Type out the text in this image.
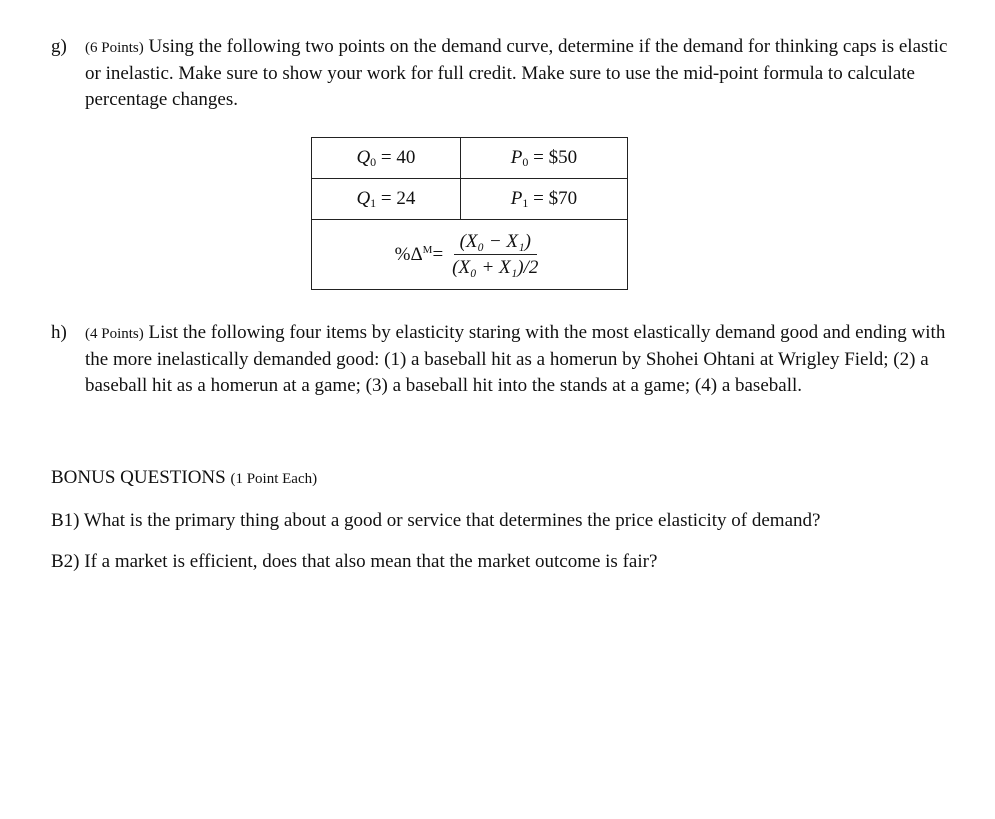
g) (6 Points) Using the following two points on the demand curve, determine if the demand for thinking caps is elastic or inelastic. Make sure to show your work for full credit. Make sure to use the mid-point formula to calculate percentage changes.
$Q_0 = 40$	$P_0$ = $50
$Q_1 = 24$	$P_1$ = $70

$\%\Delta^M= \frac{\text{(X₀ − X₁)}}{\text{(X₀ + X₁)/2}}$
h) (4 Points) List the following four items by elasticity staring with the most elastically demand good and ending with the more inelastically demanded good: (1) a baseball hit as a homerun by Shohei Ohtani at Wrigley Field; (2) a baseball hit as a homerun at a game; (3) a baseball hit into the stands at a game; (4) a baseball.
BONUS QUESTIONS (1 Point Each)
B1) What is the primary thing about a good or service that determines the price elasticity of demand?
B2) If a market is efficient, does that also mean that the market outcome is fair?
